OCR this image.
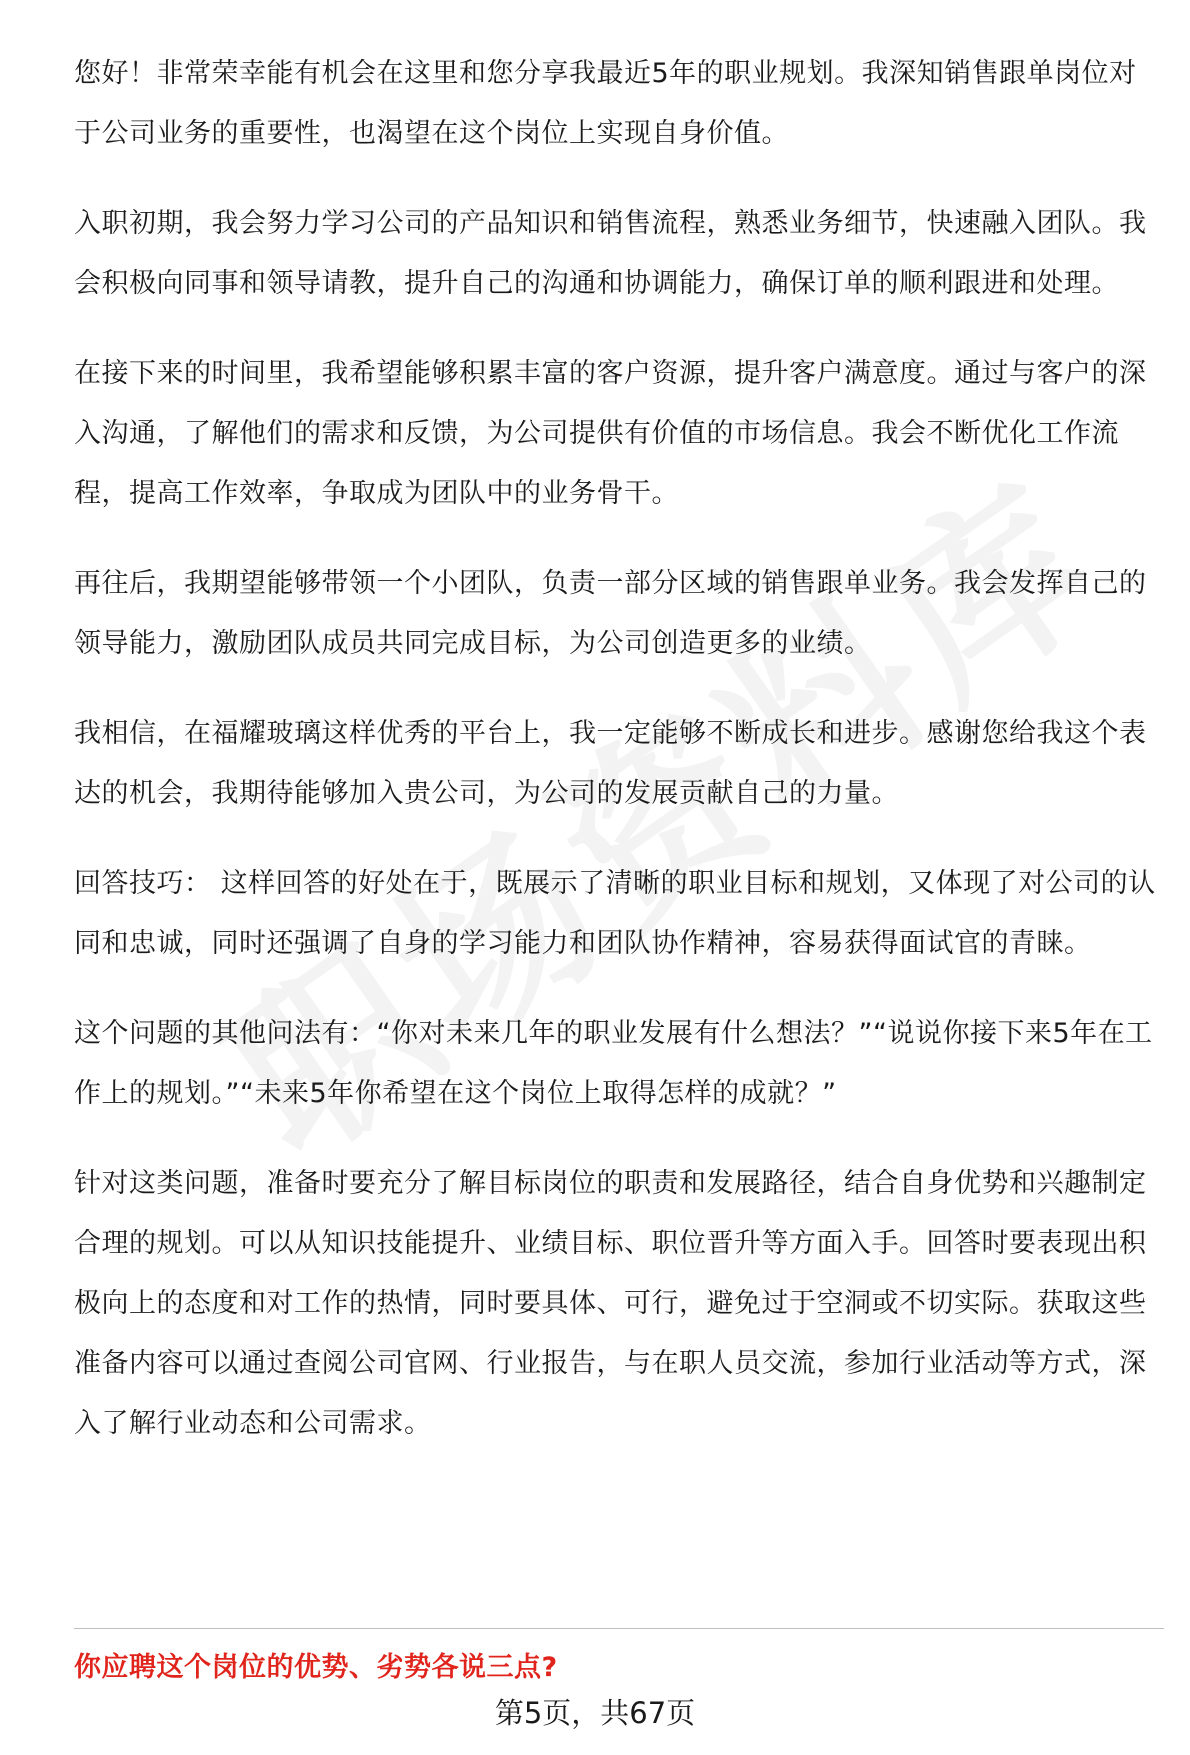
您好！非常荣幸能有机会在这里和您分享我最近5年的职业规划。我深知销售跟单岗位对于公司业务的重要性，也渴望在这个岗位上实现自身价值。

入职初期，我会努力学习公司的产品知识和销售流程，熟悉业务细节，快速融入团队。我会积极向同事和领导请教，提升自己的沟通和协调能力，确保订单的顺利跟进和处理。

在接下来的时间里，我希望能够积累丰富的客户资源，提升客户满意度。通过与客户的深入沟通，了解他们的需求和反馈，为公司提供有价值的市场信息。我会不断优化工作流程，提高工作效率，争取成为团队中的业务骨干。

再往后，我期望能够带领一个小团队，负责一部分区域的销售跟单业务。我会发挥自己的领导能力，激励团队成员共同完成目标，为公司创造更多的业绩。

我相信，在福耀玻璃这样优秀的平台上，我一定能够不断成长和进步。感谢您给我这个表达的机会，我期待能够加入贵公司，为公司的发展贡献自己的力量。

回答技巧： 这样回答的好处在于，既展示了清晰的职业目标和规划，又体现了对公司的认同和忠诚，同时还强调了自身的学习能力和团队协作精神，容易获得面试官的青睐。

这个问题的其他问法有：“你对未来几年的职业发展有什么想法？”“说说你接下来5年在工作上的规划。”“未来5年你希望在这个岗位上取得怎样的成就？”

针对这类问题，准备时要充分了解目标岗位的职责和发展路径，结合自身优势和兴趣制定合理的规划。可以从知识技能提升、业绩目标、职位晋升等方面入手。回答时要表现出积极向上的态度和对工作的热情，同时要具体、可行，避免过于空洞或不切实际。获取这些准备内容可以通过查阅公司官网、行业报告，与在职人员交流，参加行业活动等方式，深入了解行业动态和公司需求。

你应聘这个岗位的优势、劣势各说三点?
第5页，共67页
